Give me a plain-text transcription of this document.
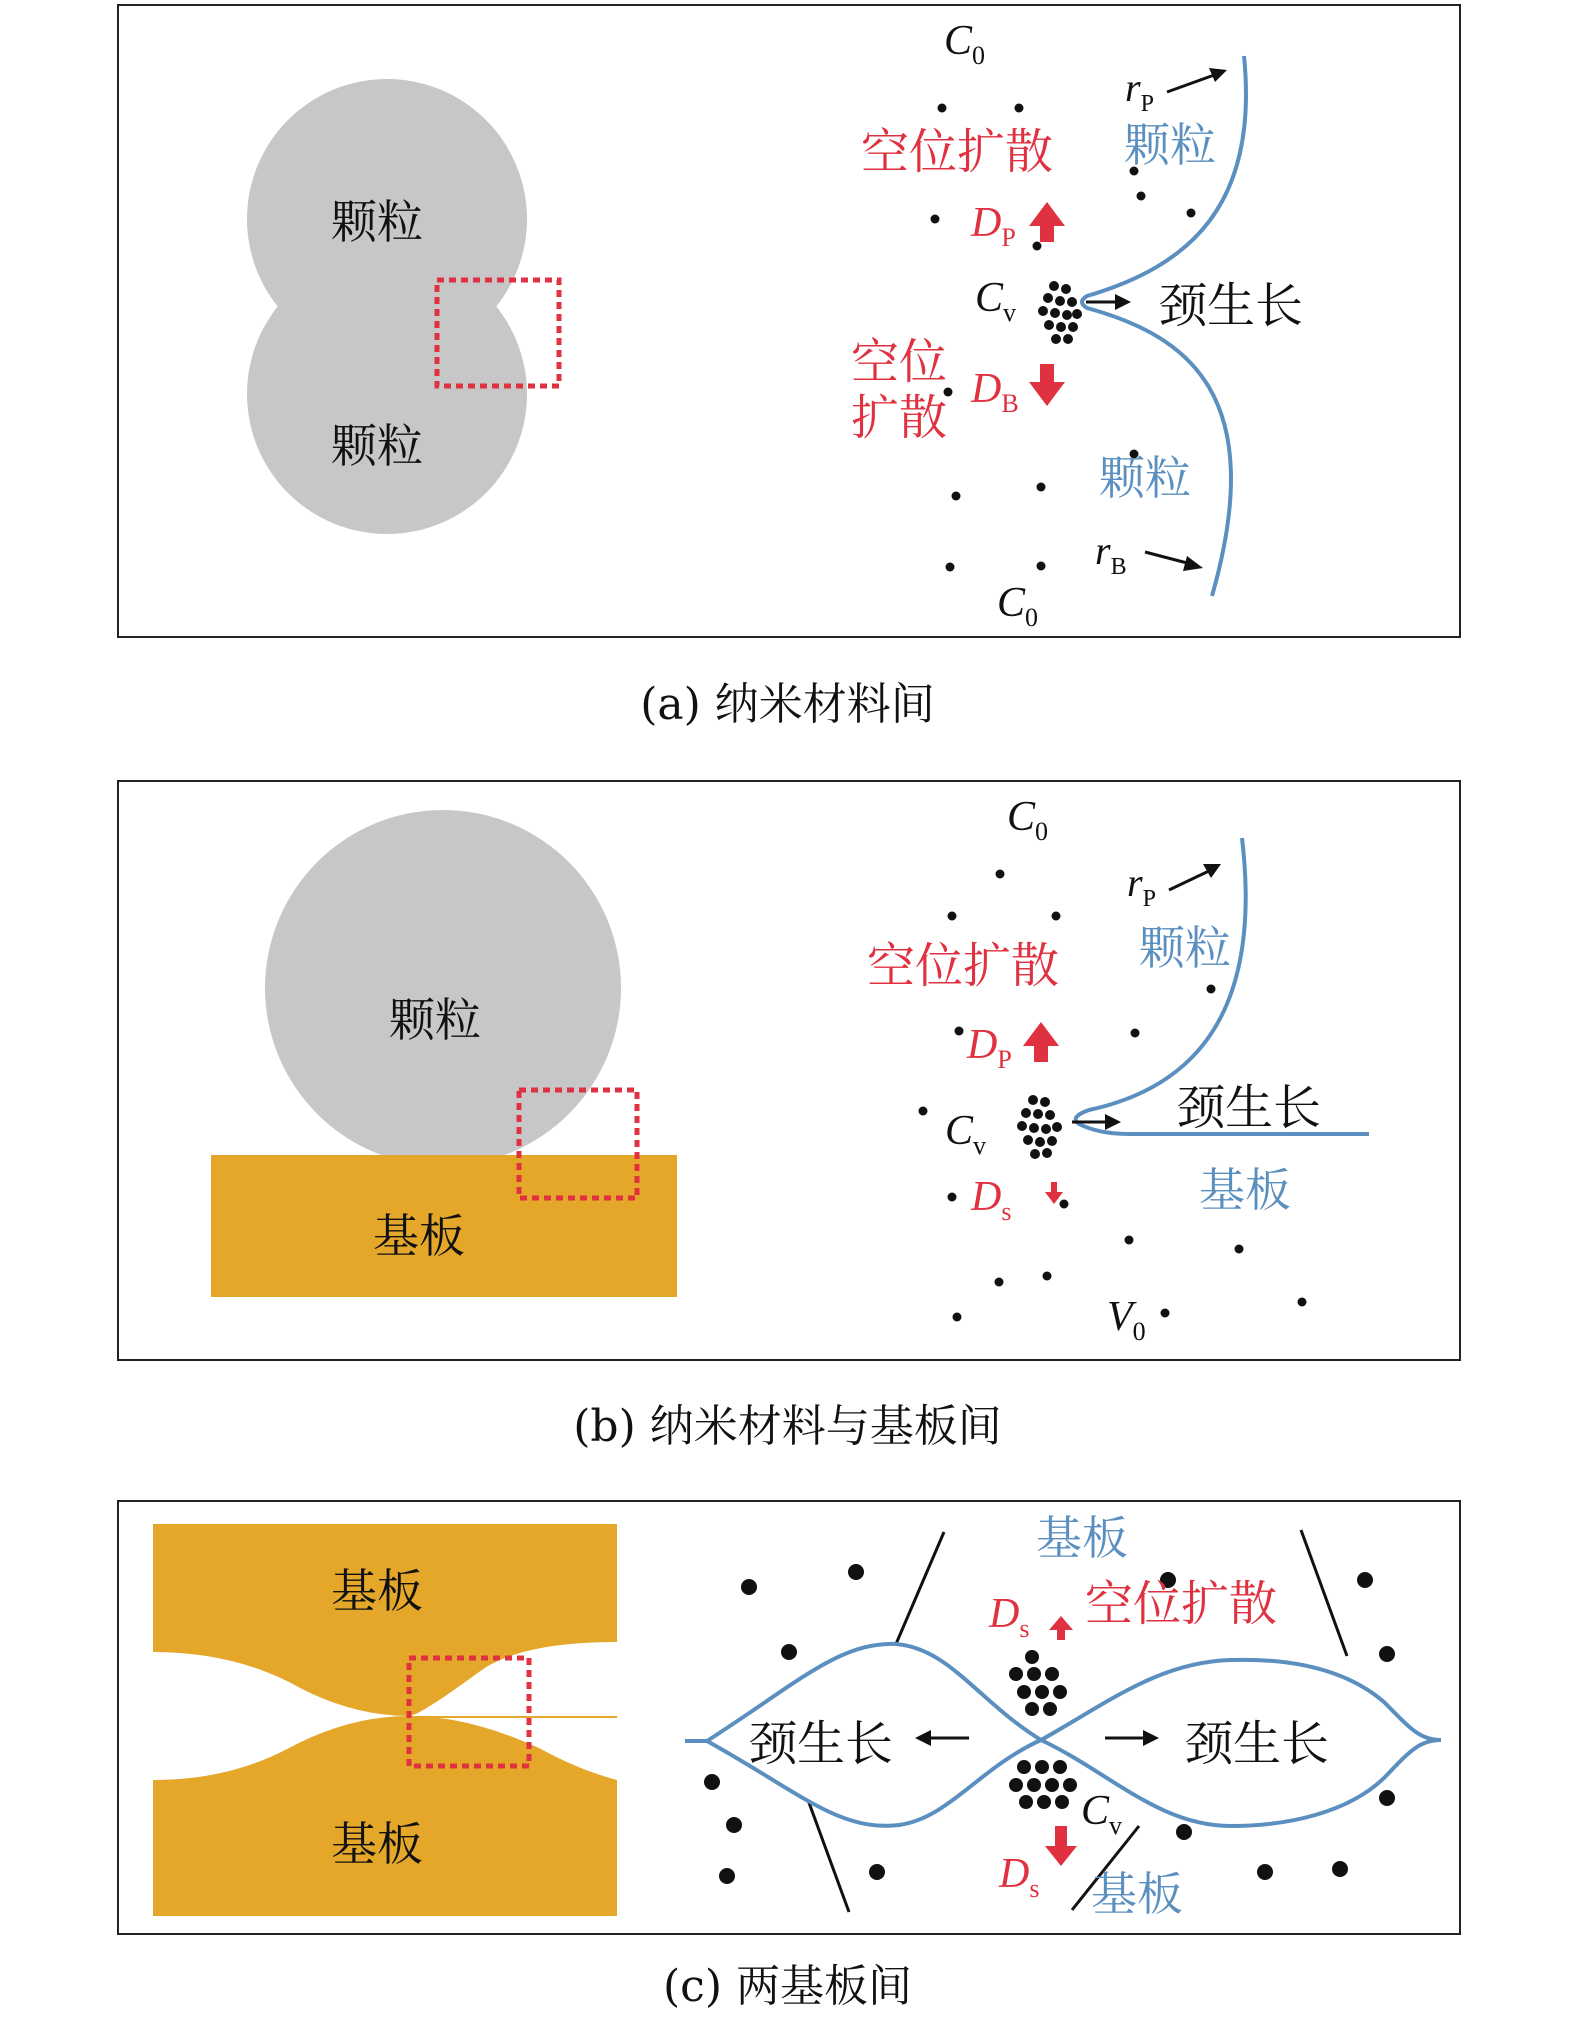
颗粒
颗粒
$C_0$
$r_P$
颗粒
空位扩散
$D_P$
$C_v$	颈生长
空位
扩散
$D_B$
颗粒
$r_B$
$C_0$
(a) 纳米材料间
颗粒
基板
$C_0$
$r_P$
颗粒
空位扩散
$D_P$
$C_v$
颈生长
基板
$D_s$
$V_0$
(b) 纳米材料与基板间
基板
基板
基板
$D_s$ 空位扩散
颈生长	颈生长
$C_v$
$D_s$ 基板
(c) 两基板间
